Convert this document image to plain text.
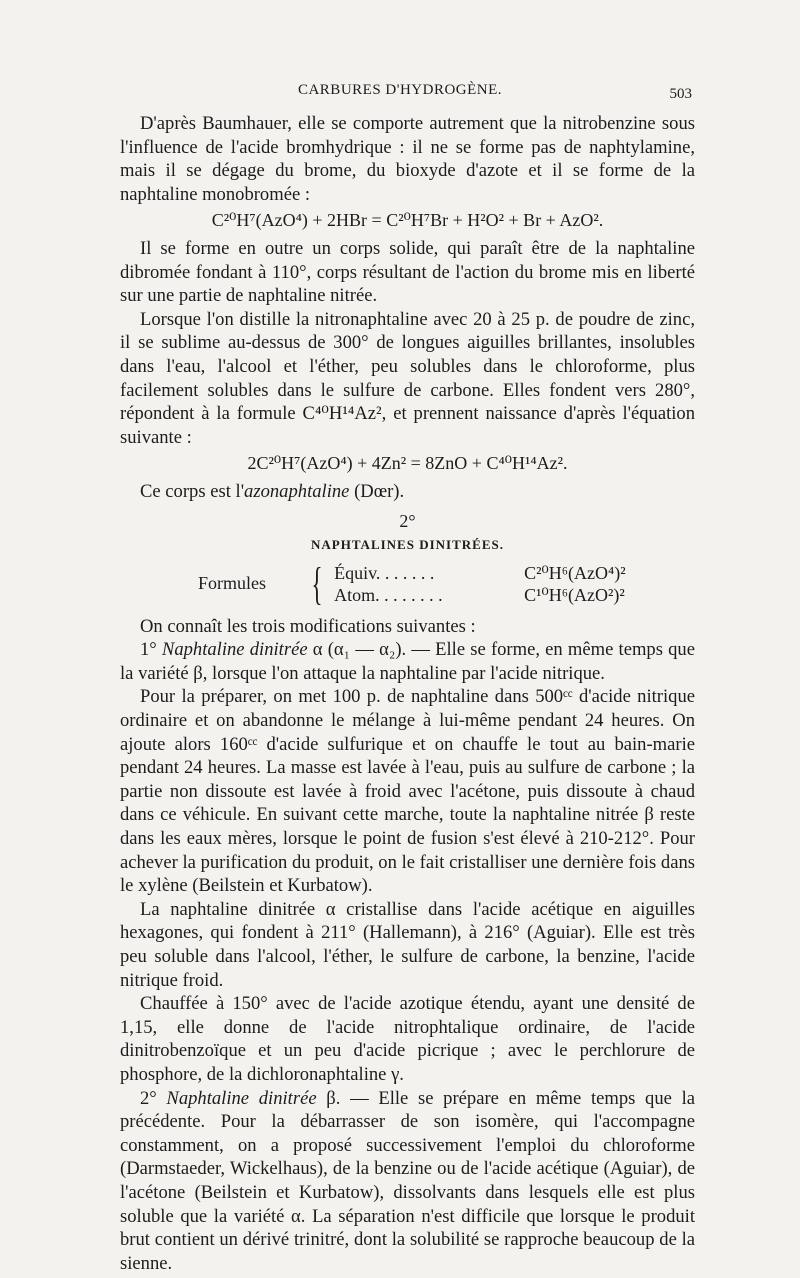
CARBURES D'HYDROGÈNE.	503

D'après Baumhauer, elle se comporte autrement que la nitrobenzine sous l'influence de l'acide bromhydrique : il ne se forme pas de naphtylamine, mais il se dégage du brome, du bioxyde d'azote et il se forme de la naphtaline monobromée :

C²⁰H⁷(AzO⁴) + 2HBr = C²⁰H⁷Br + H²O² + Br + AzO².

Il se forme en outre un corps solide, qui paraît être de la naphtaline dibromée fondant à 110°, corps résultant de l'action du brome mis en liberté sur une partie de naphtaline nitrée.

Lorsque l'on distille la nitronaphtaline avec 20 à 25 p. de poudre de zinc, il se sublime au-dessus de 300° de longues aiguilles brillantes, insolubles dans l'eau, l'alcool et l'éther, peu solubles dans le chloroforme, plus facilement solubles dans le sulfure de carbone. Elles fondent vers 280°, répondent à la formule C⁴⁰H¹⁴Az², et prennent naissance d'après l'équation suivante :

2C²⁰H⁷(AzO⁴) + 4Zn² = 8ZnO + C⁴⁰H¹⁴Az².

Ce corps est l'azonaphtaline (Dœr).

2°
NAPHTALINES DINITRÉES.
Formules { Équiv. . . . . . .	C²⁰H⁶(AzO⁴)²
Atom. . . . . . . .	C¹⁰H⁶(AzO²)²

On connaît les trois modifications suivantes :

1° Naphtaline dinitrée α (α₁ — α₂). — Elle se forme, en même temps que la variété β, lorsque l'on attaque la naphtaline par l'acide nitrique.

Pour la préparer, on met 100 p. de naphtaline dans 500ᶜᶜ d'acide nitrique ordinaire et on abandonne le mélange à lui-même pendant 24 heures. On ajoute alors 160ᶜᶜ d'acide sulfurique et on chauffe le tout au bain-marie pendant 24 heures. La masse est lavée à l'eau, puis au sulfure de carbone ; la partie non dissoute est lavée à froid avec l'acétone, puis dissoute à chaud dans ce véhicule. En suivant cette marche, toute la naphtaline nitrée β reste dans les eaux mères, lorsque le point de fusion s'est élevé à 210-212°. Pour achever la purification du produit, on le fait cristalliser une dernière fois dans le xylène (Beilstein et Kurbatow).

La naphtaline dinitrée α cristallise dans l'acide acétique en aiguilles hexagones, qui fondent à 211° (Hallemann), à 216° (Aguiar). Elle est très peu soluble dans l'alcool, l'éther, le sulfure de carbone, la benzine, l'acide nitrique froid.

Chauffée à 150° avec de l'acide azotique étendu, ayant une densité de 1,15, elle donne de l'acide nitrophtalique ordinaire, de l'acide dinitrobenzoïque et un peu d'acide picrique ; avec le perchlorure de phosphore, de la dichloronaphtaline γ.

2° Naphtaline dinitrée β. — Elle se prépare en même temps que la précédente. Pour la débarrasser de son isomère, qui l'accompagne constamment, on a proposé successivement l'emploi du chloroforme (Darmstaeder, Wickelhaus), de la benzine ou de l'acide acétique (Aguiar), de l'acétone (Beilstein et Kurbatow), dissolvants dans lesquels elle est plus soluble que la variété α. La séparation n'est difficile que lorsque le produit brut contient un dérivé trinitré, dont la solubilité se rapproche beaucoup de la sienne.
